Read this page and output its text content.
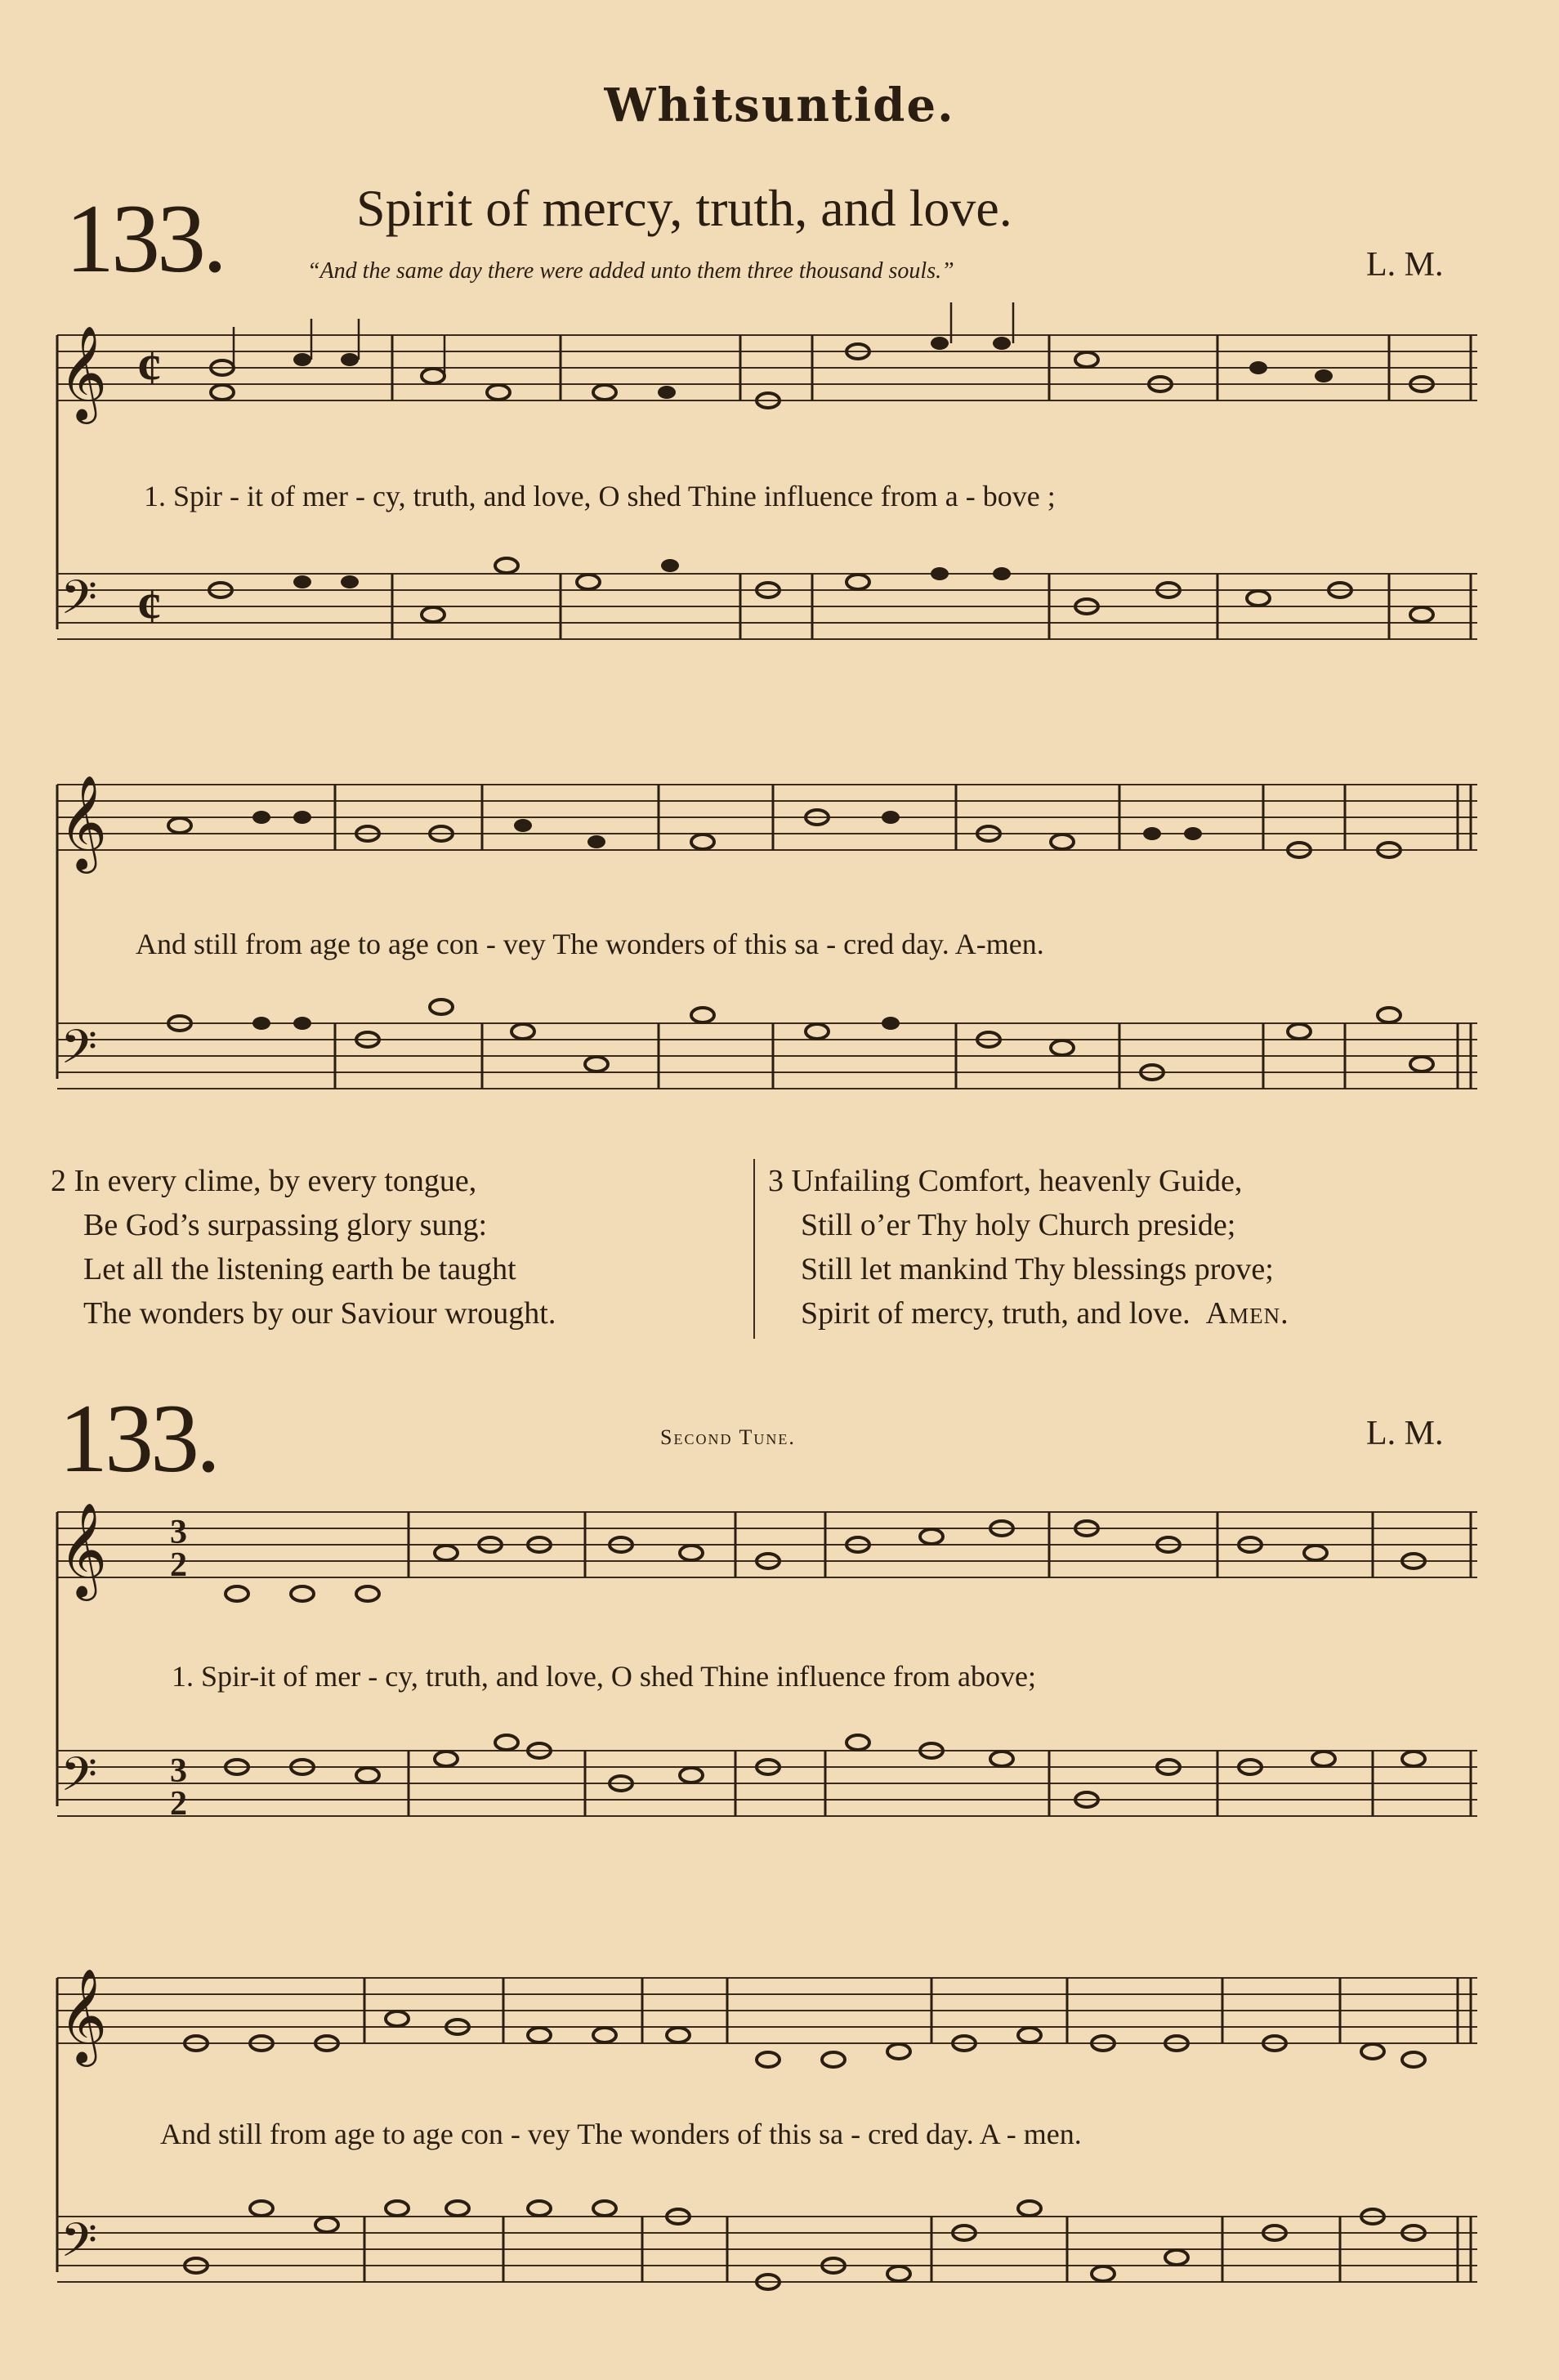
Whitsuntide.
133.	Spirit of mercy, truth, and love.
“And the same day there were added unto them three thousand souls.”	L. M.
𝄞 ¢
𝄢 ¢
1. Spir - it of mer - cy, truth, and love, O shed Thine influence from a - bove ;
𝄞
𝄢
And still from age to age con - vey The wonders of this sa - cred day. A-men.
2 In every clime, by every tongue,
Be God’s surpassing glory sung:
Let all the listening earth be taught
The wonders by our Saviour wrought.
3 Unfailing Comfort, heavenly Guide,
Still o’er Thy holy Church preside;
Still let mankind Thy blessings prove;
Spirit of mercy, truth, and love. Amen.
133.	Second Tune.	L. M.
𝄞 3
2
𝄢 3
2
1. Spir-it of mer - cy, truth, and love, O shed Thine influence from above;
𝄞
𝄢
And still from age to age con - vey The wonders of this sa - cred day. A - men.
